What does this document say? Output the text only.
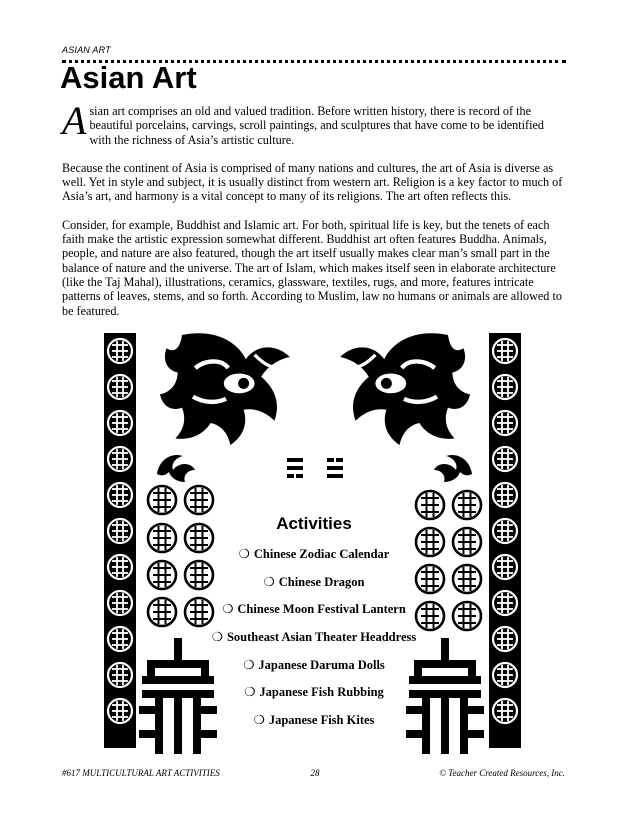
ASIAN ART
Asian Art

Asian art comprises an old and valued tradition. Before written history, there is record of the beautiful porcelains, carvings, scroll paintings, and sculptures that have come to be identified with the richness of Asia’s artistic culture.

Because the continent of Asia is comprised of many nations and cultures, the art of Asia is diverse as well. Yet in style and subject, it is usually distinct from western art. Religion is a key factor to much of Asia’s art, and harmony is a vital concept to many of its religions. The art often reflects this.

Consider, for example, Buddhist and Islamic art. For both, spiritual life is key, but the tenets of each faith make the artistic expression somewhat different. Buddhist art often features Buddha. Animals, people, and nature are also featured, though the art itself usually makes clear man’s small part in the balance of nature and the universe. The art of Islam, which makes itself seen in elaborate architecture (like the Taj Mahal), illustrations, ceramics, glassware, textiles, rugs, and more, features intricate patterns of leaves, stems, and so forth. According to Muslim, law no humans or animals are allowed to be featured.

Activities
❍ Chinese Zodiac Calendar
❍ Chinese Dragon
❍ Chinese Moon Festival Lantern
❍ Southeast Asian Theater Headdress
❍ Japanese Daruma Dolls
❍ Japanese Fish Rubbing
❍ Japanese Fish Kites
#617 MULTICULTURAL ART ACTIVITIES	28	© Teacher Created Resources, Inc.
